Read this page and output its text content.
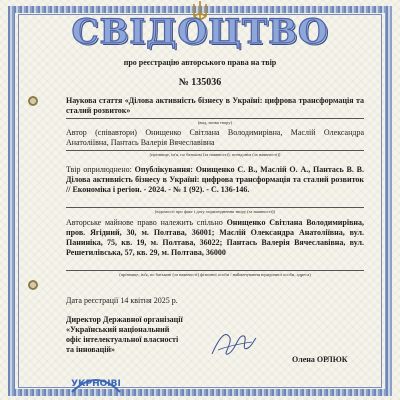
СВІДОЦТВО
про реєстрацію авторського права на твір
№ 135036
Наукова стаття «Ділова активність бізнесу в Україні: цифрова трансформація та сталий розвиток»
(вид, назва твору)
Автор (співавтори) Онищенко Світлана Володимирівна, Маслій Олександра Анатоліївна, Пантась Валерія Вячеславівна
(прізвище, ім'я, по батькові (за наявності), псевдонім (за наявності))
Твір оприлюднено: Опублікування: Онищенко С. В., Маслій О. А., Пантась В. В. Ділова активність бізнесу в Україні: цифрова трансформація та сталий розвиток // Економіка і регіон. - 2024. - № 1 (92). - С. 136-146.
(відомості про факт і дату оприлюднення твору (за наявності))
Авторське майнове право належить спільно Онищенко Світлана Володимирівна, пров. Ягідний, 30, м. Полтава, 36001; Маслій Олександра Анатоліївна, вул. Паниніка, 75, кв. 19, м. Полтава, 36022; Пантась Валерія Вячеславівна, вул. Решетилівська, 57, кв. 29, м. Полтава, 36000
(прізвище, ім'я, по батькові (за наявності) фізичної особи / найменування юридичної особи, адреса)
Дата реєстрації 14 квітня 2025 р.
Директор Державної організації «Український національний офіс інтелектуальної власності та інновацій»
Олена ОРЛЮК
УКРНОІВІ
